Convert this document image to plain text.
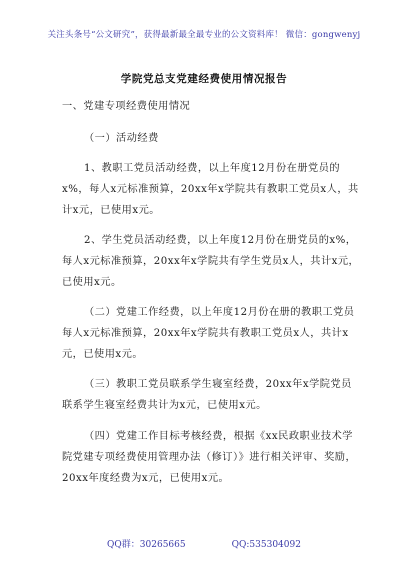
关注头条号“公文研究”，获得最新最全最专业的公文资料库！ 微信：gongwenyj
学院党总支党建经费使用情况报告

一、党建专项经费使用情况

（一）活动经费

1、教职工党员活动经费，以上年度12月份在册党员的x%，每人x元标准预算，20xx年x学院共有教职工党员x人，共计x元，已使用x元。

2、学生党员活动经费，以上年度12月份在册党员的x%，每人x元标准预算，20xx年x学院共有学生党员x人，共计x元，已使用x元。

（二）党建工作经费，以上年度12月份在册的教职工党员每人x元标准预算，20xx年x学院共有教职工党员x人，共计x元，已使用x元。

（三）教职工党员联系学生寝室经费，20xx年x学院党员联系学生寝室经费共计为x元，已使用x元。

（四）党建工作目标考核经费，根据《xx民政职业技术学院党建专项经费使用管理办法（修订）》进行相关评审、奖励，20xx年度经费为x元，已使用x元。

QQ群：30265665	QQ:535304092
